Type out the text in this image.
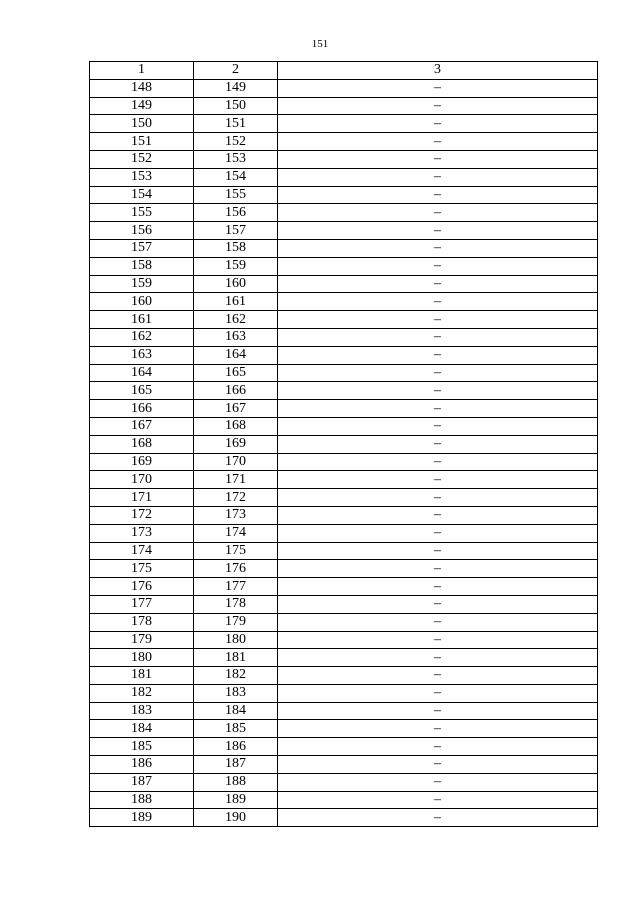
151
1	2	3
148	149	–
149	150	–
150	151	–
151	152	–
152	153	–
153	154	–
154	155	–
155	156	–
156	157	–
157	158	–
158	159	–
159	160	–
160	161	–
161	162	–
162	163	–
163	164	–
164	165	–
165	166	–
166	167	–
167	168	–
168	169	–
169	170	–
170	171	–
171	172	–
172	173	–
173	174	–
174	175	–
175	176	–
176	177	–
177	178	–
178	179	–
179	180	–
180	181	–
181	182	–
182	183	–
183	184	–
184	185	–
185	186	–
186	187	–
187	188	–
188	189	–
189	190	–
